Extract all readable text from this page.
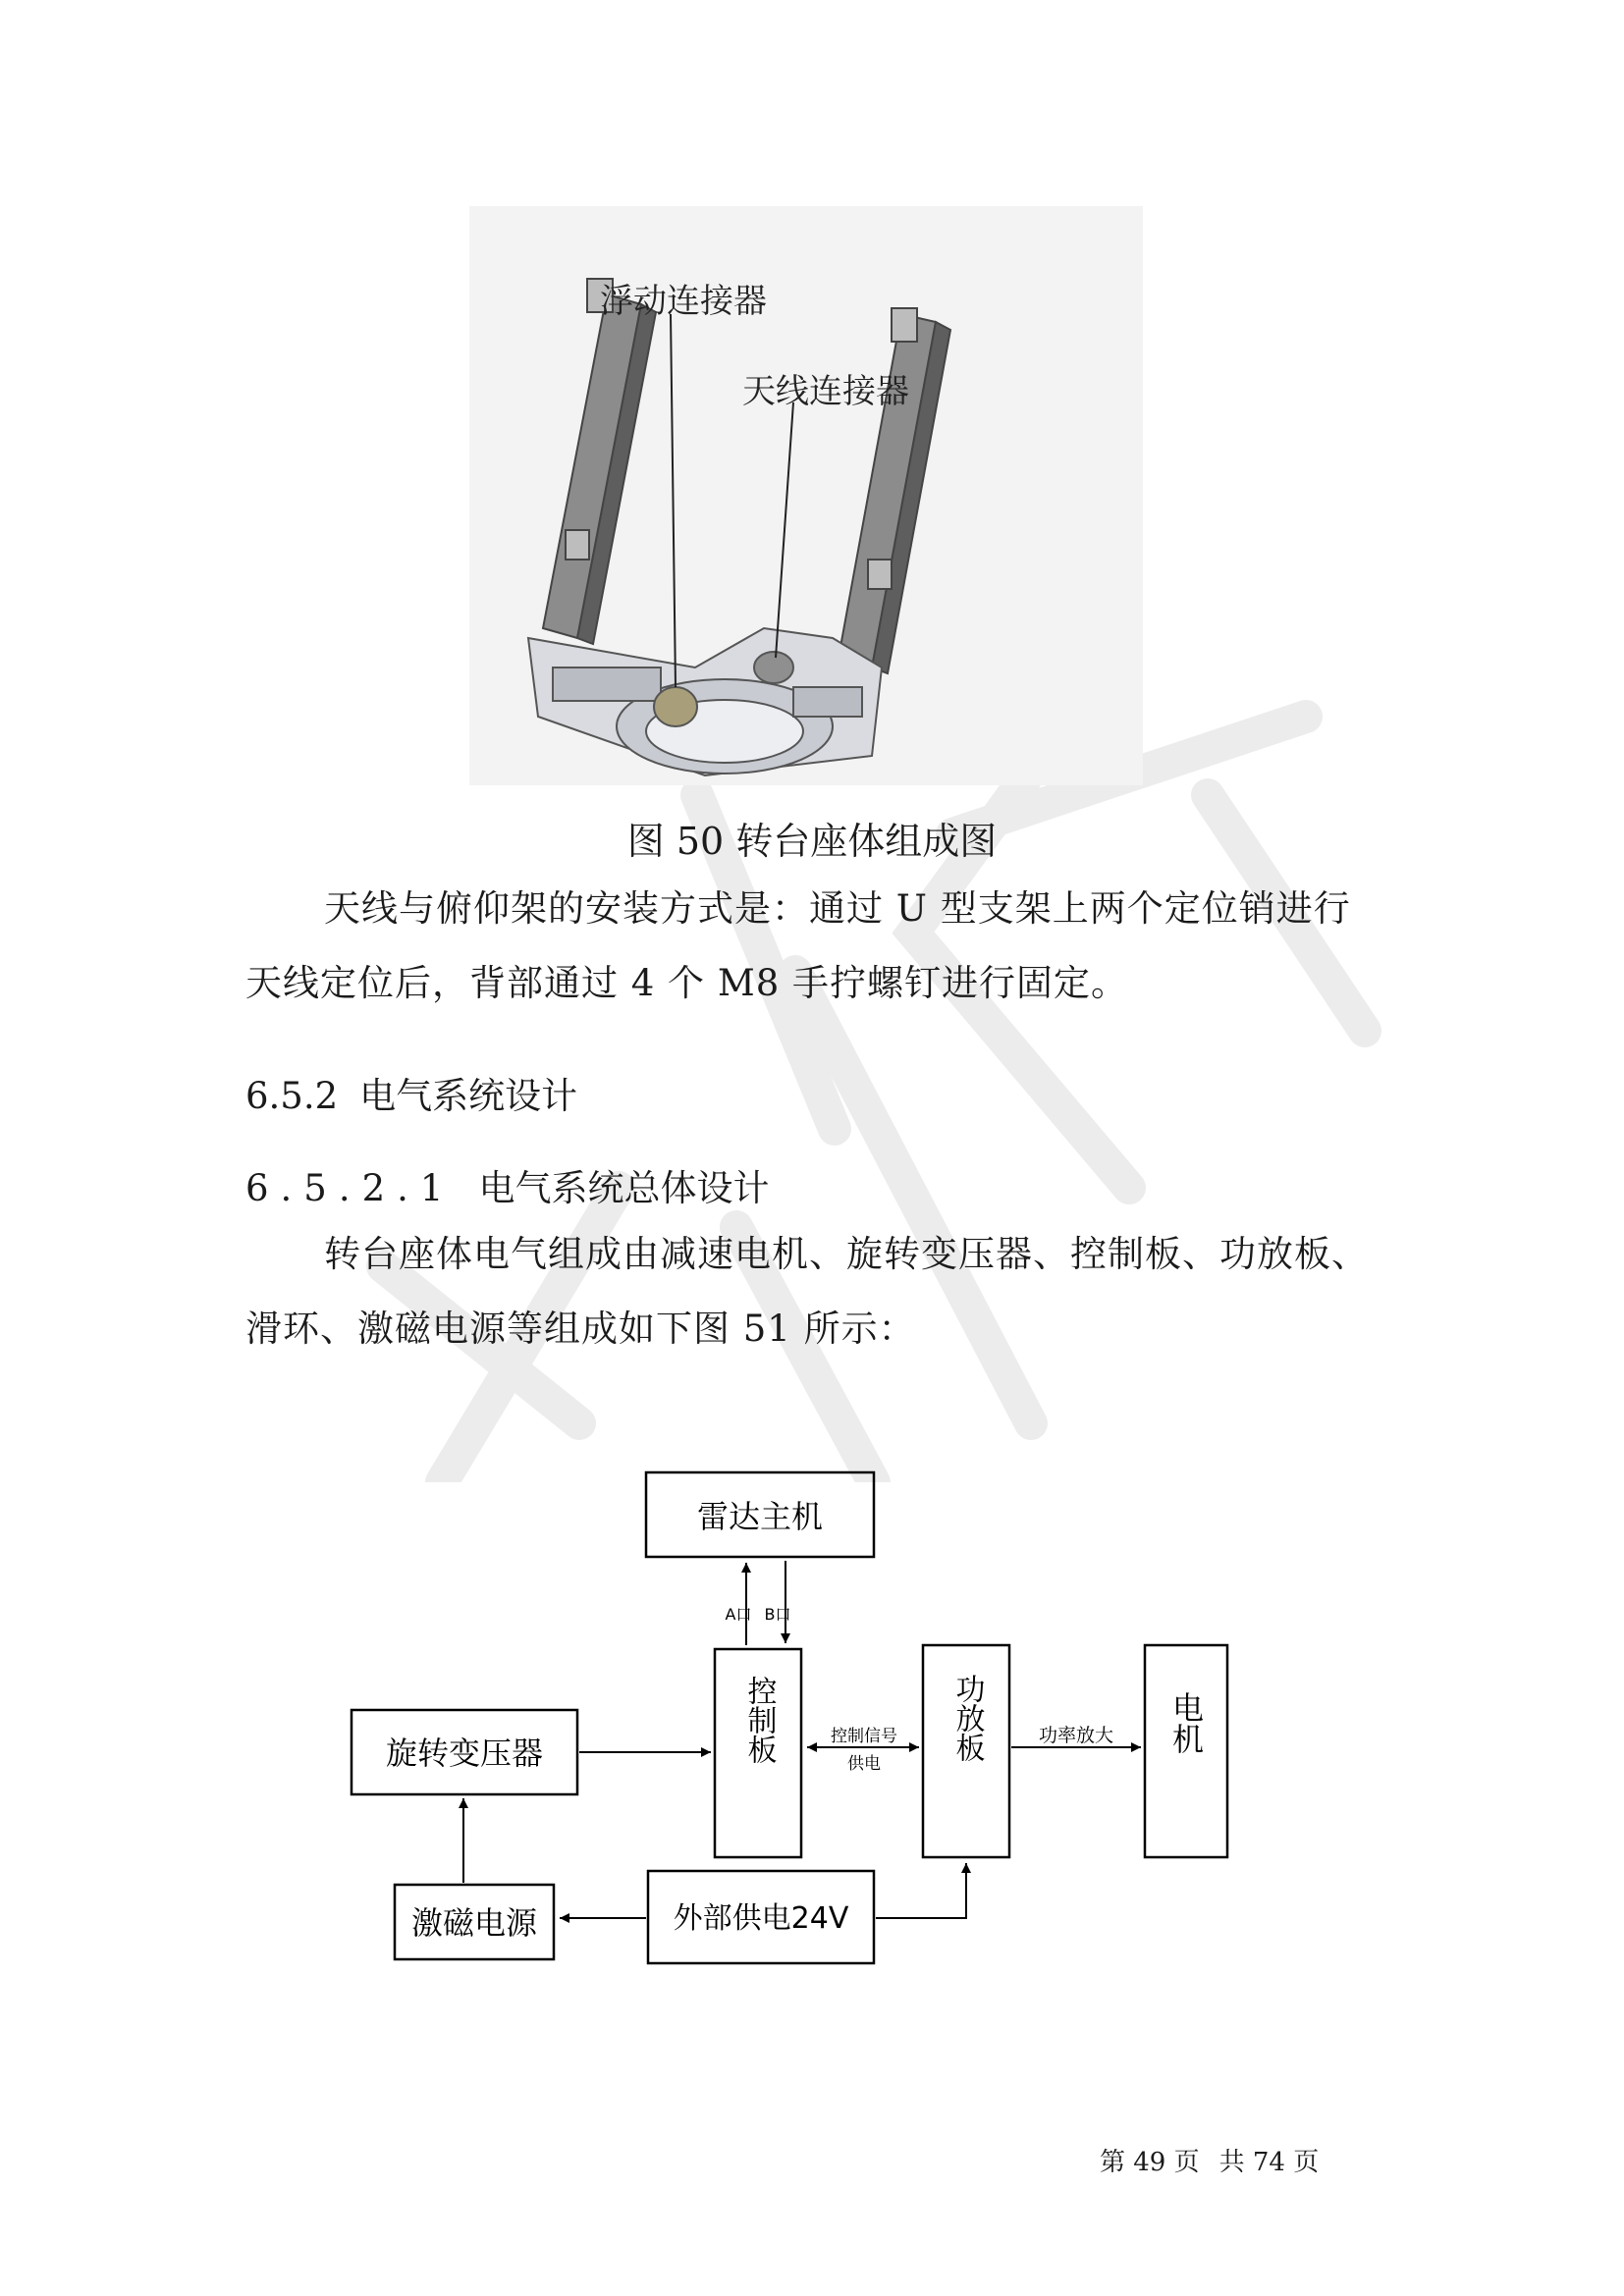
浮动连接器
天线连接器
图 50 转台座体组成图
天线与俯仰架的安装方式是：通过 U 型支架上两个定位销进行天线定位后，背部通过 4 个 M8 手拧螺钉进行固定。
6.5.2 电气系统设计
6.5.2.1 电气系统总体设计
转台座体电气组成由减速电机、旋转变压器、控制板、功放板、滑环、激磁电源等组成如下图 51 所示：
雷达主机
A口 B口
控制板	控制信号
供电
功放板	功率放大 电机
旋转变压器
激磁电源	外部供电24V
第 49 页 共 74 页
